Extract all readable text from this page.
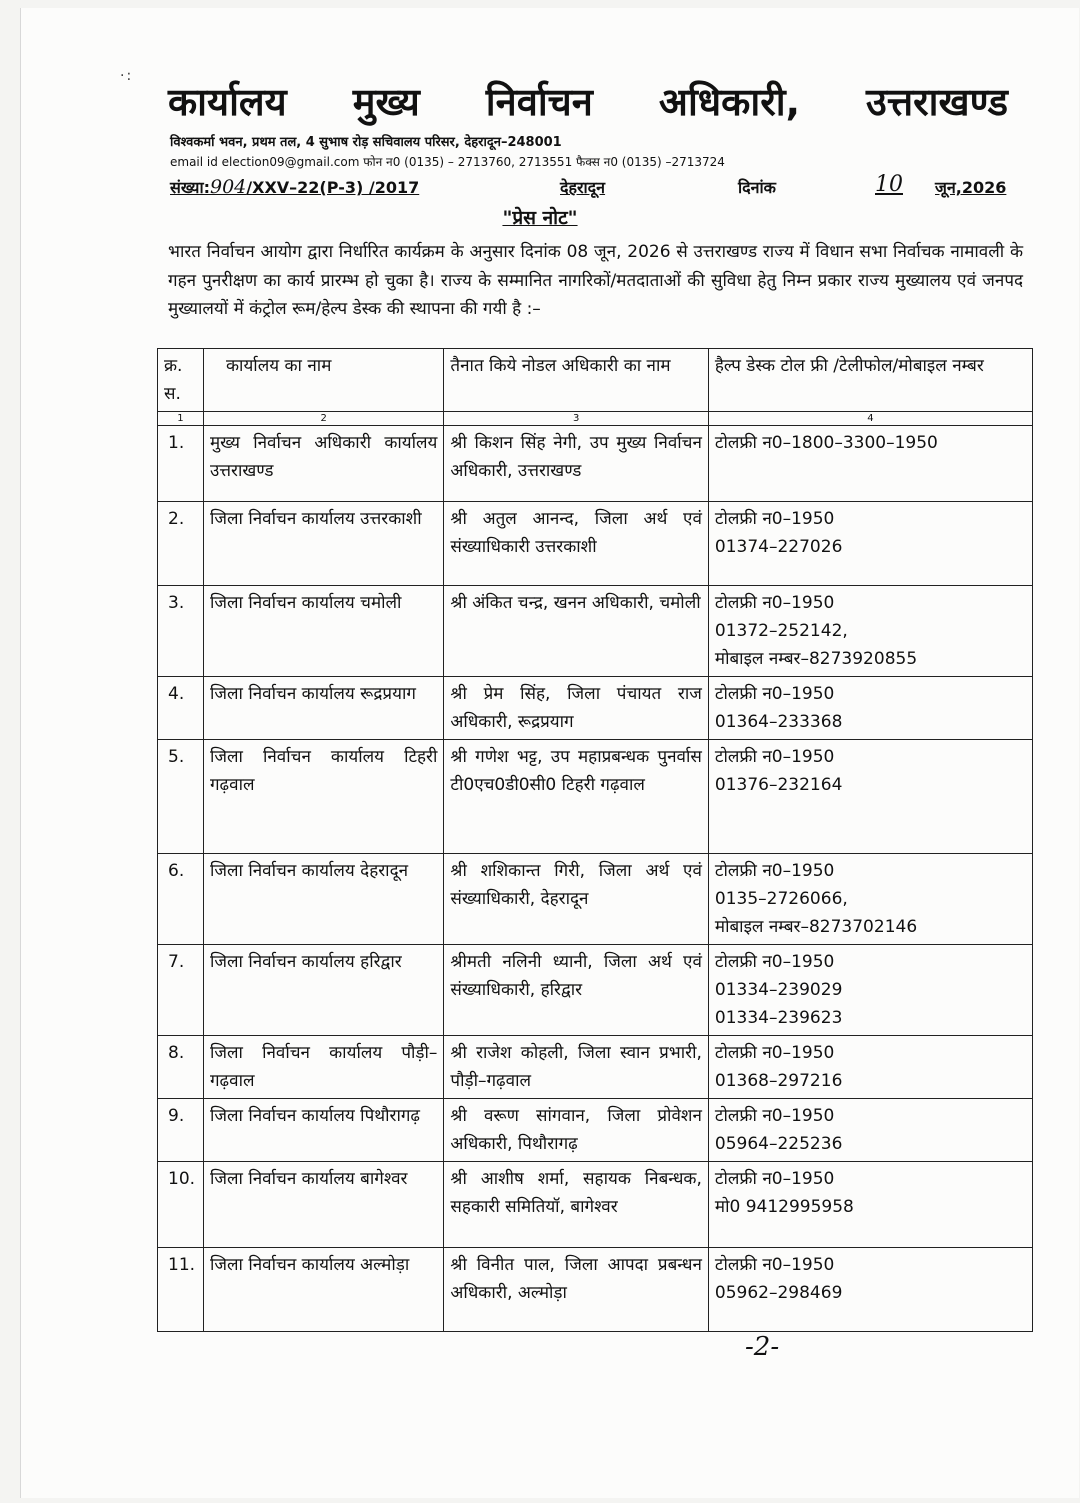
·:
कार्यालय मुख्य निर्वाचन अधिकारी, उत्तराखण्ड
विश्वकर्मा भवन, प्रथम तल, 4 सुभाष रोड़ सचिवालय परिसर, देहरादून–248001
email id election09@gmail.com फोन न0 (0135) – 2713760, 2713551 फैक्स न0 (0135) –2713724
संख्या:904/XXV–22(P-3) /2017	देहरादून	दिनांक	10 जून,2026
"प्रेस नोट"
भारत निर्वाचन आयोग द्वारा निर्धारित कार्यक्रम के अनुसार दिनांक 08 जून, 2026 से उत्तराखण्ड राज्य में विधान सभा निर्वाचक नामावली के गहन पुनरीक्षण का कार्य प्रारम्भ हो चुका है। राज्य के सम्मानित नागरिकों/मतदाताओं की सुविधा हेतु निम्न प्रकार राज्य मुख्यालय एवं जनपद मुख्यालयों में कंट्रोल रूम/हेल्प डेस्क की स्थापना की गयी है :–
क्र. स.	कार्यालय का नाम	तैनात किये नोडल अधिकारी का नाम	हैल्प डेस्क टोल फ्री /टेलीफोल/मोबाइल नम्बर
1	2	3	4
1.	मुख्य निर्वाचन अधिकारी कार्यालय उत्तराखण्ड	श्री किशन सिंह नेगी, उप मुख्य निर्वाचन अधिकारी, उत्तराखण्ड	टोलफ्री न0–1800–3300–1950

2.	जिला निर्वाचन कार्यालय उत्तरकाशी	श्री अतुल आनन्द, जिला अर्थ एवं संख्याधिकारी उत्तरकाशी	टोलफ्री न0–1950
01374–227026

3.	जिला निर्वाचन कार्यालय चमोली	श्री अंकित चन्द्र, खनन अधिकारी, चमोली	टोलफ्री न0–1950
01372–252142,
मोबाइल नम्बर–8273920855

4.	जिला निर्वाचन कार्यालय रूद्रप्रयाग	श्री प्रेम सिंह, जिला पंचायत राज अधिकारी, रूद्रप्रयाग	टोलफ्री न0–1950
01364–233368

5.	जिला निर्वाचन कार्यालय टिहरी गढ़वाल	श्री गणेश भट्ट, उप महाप्रबन्धक पुनर्वास टी0एच0डी0सी0 टिहरी गढ़वाल	टोलफ्री न0–1950
01376–232164

6.	जिला निर्वाचन कार्यालय देहरादून	श्री शशिकान्त गिरी, जिला अर्थ एवं संख्याधिकारी, देहरादून	टोलफ्री न0–1950
0135–2726066,
मोबाइल नम्बर–8273702146

7.	जिला निर्वाचन कार्यालय हरिद्वार	श्रीमती नलिनी ध्यानी, जिला अर्थ एवं संख्याधिकारी, हरिद्वार	टोलफ्री न0–1950
01334–239029
01334–239623

8.	जिला निर्वाचन कार्यालय पौड़ी–गढ़वाल	श्री राजेश कोहली, जिला स्वान प्रभारी, पौड़ी–गढ़वाल	टोलफ्री न0–1950
01368–297216

9.	जिला निर्वाचन कार्यालय पिथौरागढ़	श्री वरूण सांगवान, जिला प्रोवेशन अधिकारी, पिथौरागढ़	टोलफ्री न0–1950
05964–225236

10.	जिला निर्वाचन कार्यालय बागेश्वर	श्री आशीष शर्मा, सहायक निबन्धक, सहकारी समितियॉ, बागेश्वर	टोलफ्री न0–1950
मो0 9412995958

11.	जिला निर्वाचन कार्यालय अल्मोड़ा	श्री विनीत पाल, जिला आपदा प्रबन्धन अधिकारी, अल्मोड़ा	टोलफ्री न0–1950
05962–298469
-2-
